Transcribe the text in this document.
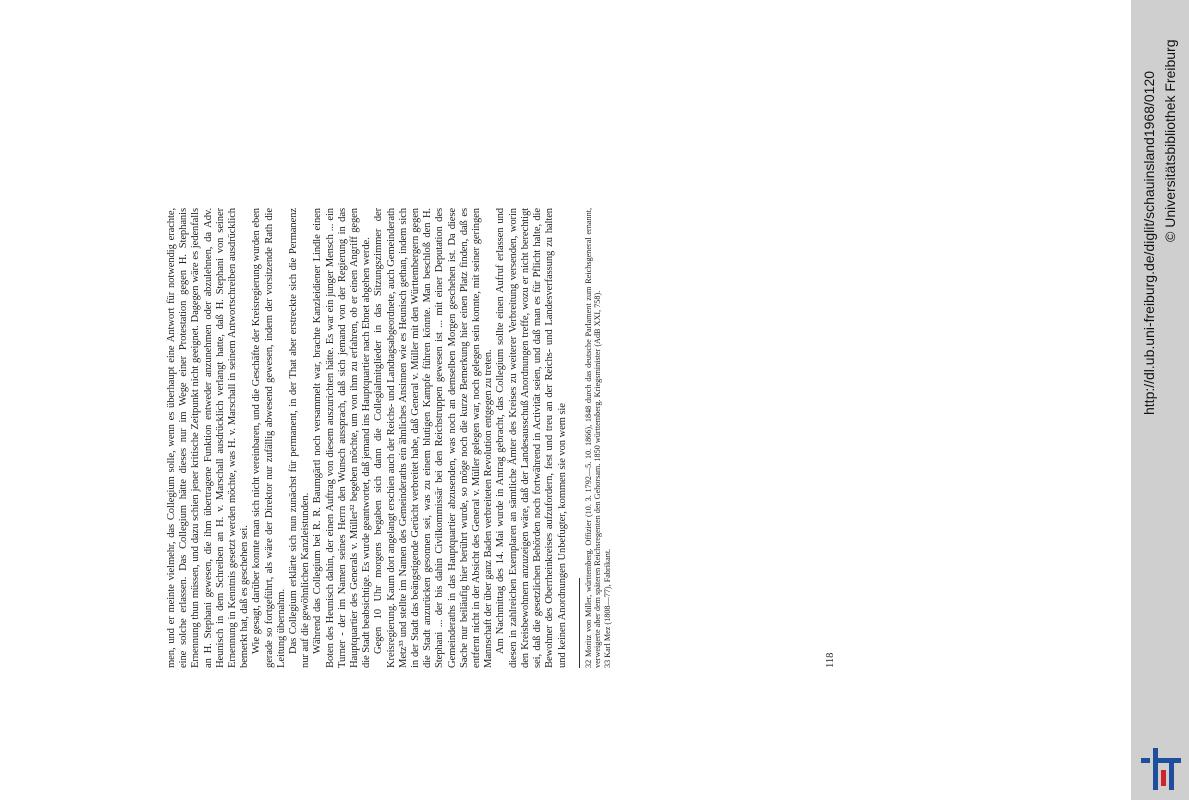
men, und er meinte vielmehr, das Collegium solle, wenn es überhaupt eine Antwort für notwendig erachte, eine solche erlassen. Das Collegium hätte dieses nur im Wege einer Protestation gegen H. Stephanis Ernennung thun müssen, und dazu schien jener kritische Zeitpunkt nicht geeignet. Dagegen wäre es jedenfalls an H. Stephani gewesen, die ihm übertragene Funktion entweder anzunehmen oder abzulehnen, da Adv. Heunisch in dem Schreiben an H. v. Marschall ausdrücklich verlangt hatte, daß H. Stephani von seiner Ernennung in Kenntnis gesetzt werden möchte, was H. v. Marschall in seinem Antwortschreiben ausdrücklich bemerkt hat, daß es geschehen sei. Wie gesagt, darüber konnte man sich nicht vereinbaren, und die Geschäfte der Kreisregierung wurden eben gerade so fortgeführt, als wäre der Direktor nur zufällig abwesend gewesen, indem der vorsitzende Rath die Leitung übernahm. Das Collegium erklärte sich nun zunächst für permanent, in der That aber erstreckte sich die Permanenz nur auf die gewöhnlichen Kanzleistunden. Während das Collegium bei R. R. Baumgärtl noch versammelt war, brachte Kanzleidiener Lindle einen Boten des Heunisch dahin, der einen Auftrag von diesem auszurichten hätte. Es war ein junger Mensch ... ein Turner - der im Namen seines Herrn den Wunsch aussprach, daß sich jemand von der Regierung in das Hauptquartier des Generals v. Müller³² begeben möchte, um von ihm zu erfahren, ob er einen Angriff gegen die Stadt beabsichtige. Es wurde geantwortet, daß jemand ins Hauptquartier nach Ebnet abgehen werde. Gegen 10 Uhr morgens begaben sich dann die Collegialmitglieder in das Sitzungszimmer der Kreisregierung. Kaum dort angelangt erschien auch der Reichs- und Landtagsabgeordnete, auch Gemeinderath Metz³³ und stellte im Namen des Gemeinderaths ein ähnliches Ansinnen wie es Heunisch gethan, indem sich in der Stadt das beängstigende Gerücht verbreitet habe, daß General v. Müller mit den Württembergern gegen die Stadt anzurücken gesonnen sei, was zu einem blutigen Kampfe führen könnte. Man beschloß den H. Stephani ... der bis dahin Civilkommissär bei den Reichstruppen gewesen ist ... mit einer Deputation des Gemeinderaths in das Hauptquartier abzusenden, was noch an demselben Morgen geschehen ist. Da diese Sache nur beiläufig hier berührt wurde, so möge noch die kurze Bemerkung hier einen Platz finden, daß es entfernt nicht in der Absicht des General v. Müller gelegen war, noch gelegen sein konnte, mit seiner geringen Mannschaft der über ganz Baden verbreiteten Revolution entgegen zu treten. Am Nachmittag des 14. Mai wurde in Antrag gebracht, das Collegium sollte einen Aufruf erlassen und diesen in zahlreichen Exemplaren an sämtliche Ämter des Kreises zu weiterer Verbreitung versenden, worin den Kreisbewohnern anzuzeigen wäre, daß der Landesausschuß Anordnungen treffe, wozu er nicht berechtigt sei, daß die gesetzlichen Behörden noch fortwährend in Activität seien, und daß man es für Pflicht halte, die Bewohner des Oberrheinkreises aufzufordern, fest und treu an der Reichs- und Landesverfassung zu halten und keinen Anordnungen Unbefugter, kommen sie von wem sie 32 Moritz von Miller, württemberg. Offizier (10. 3. 1792—5. 10. 1866), 1848 durch das deutsche Parlament zum Reichsgeneral ernannt, verweigerte aber dem späteren Reichsregenten den Gehorsam. 1850 württemberg. Kriegsminister (AdB XXI, 758). 33 Karl Mez (1808—77), Fabrikant.	118
http://dl.ub.uni-freiburg.de/diglit/schauinsland1968/0120 © Universitätsbibliothek Freiburg
